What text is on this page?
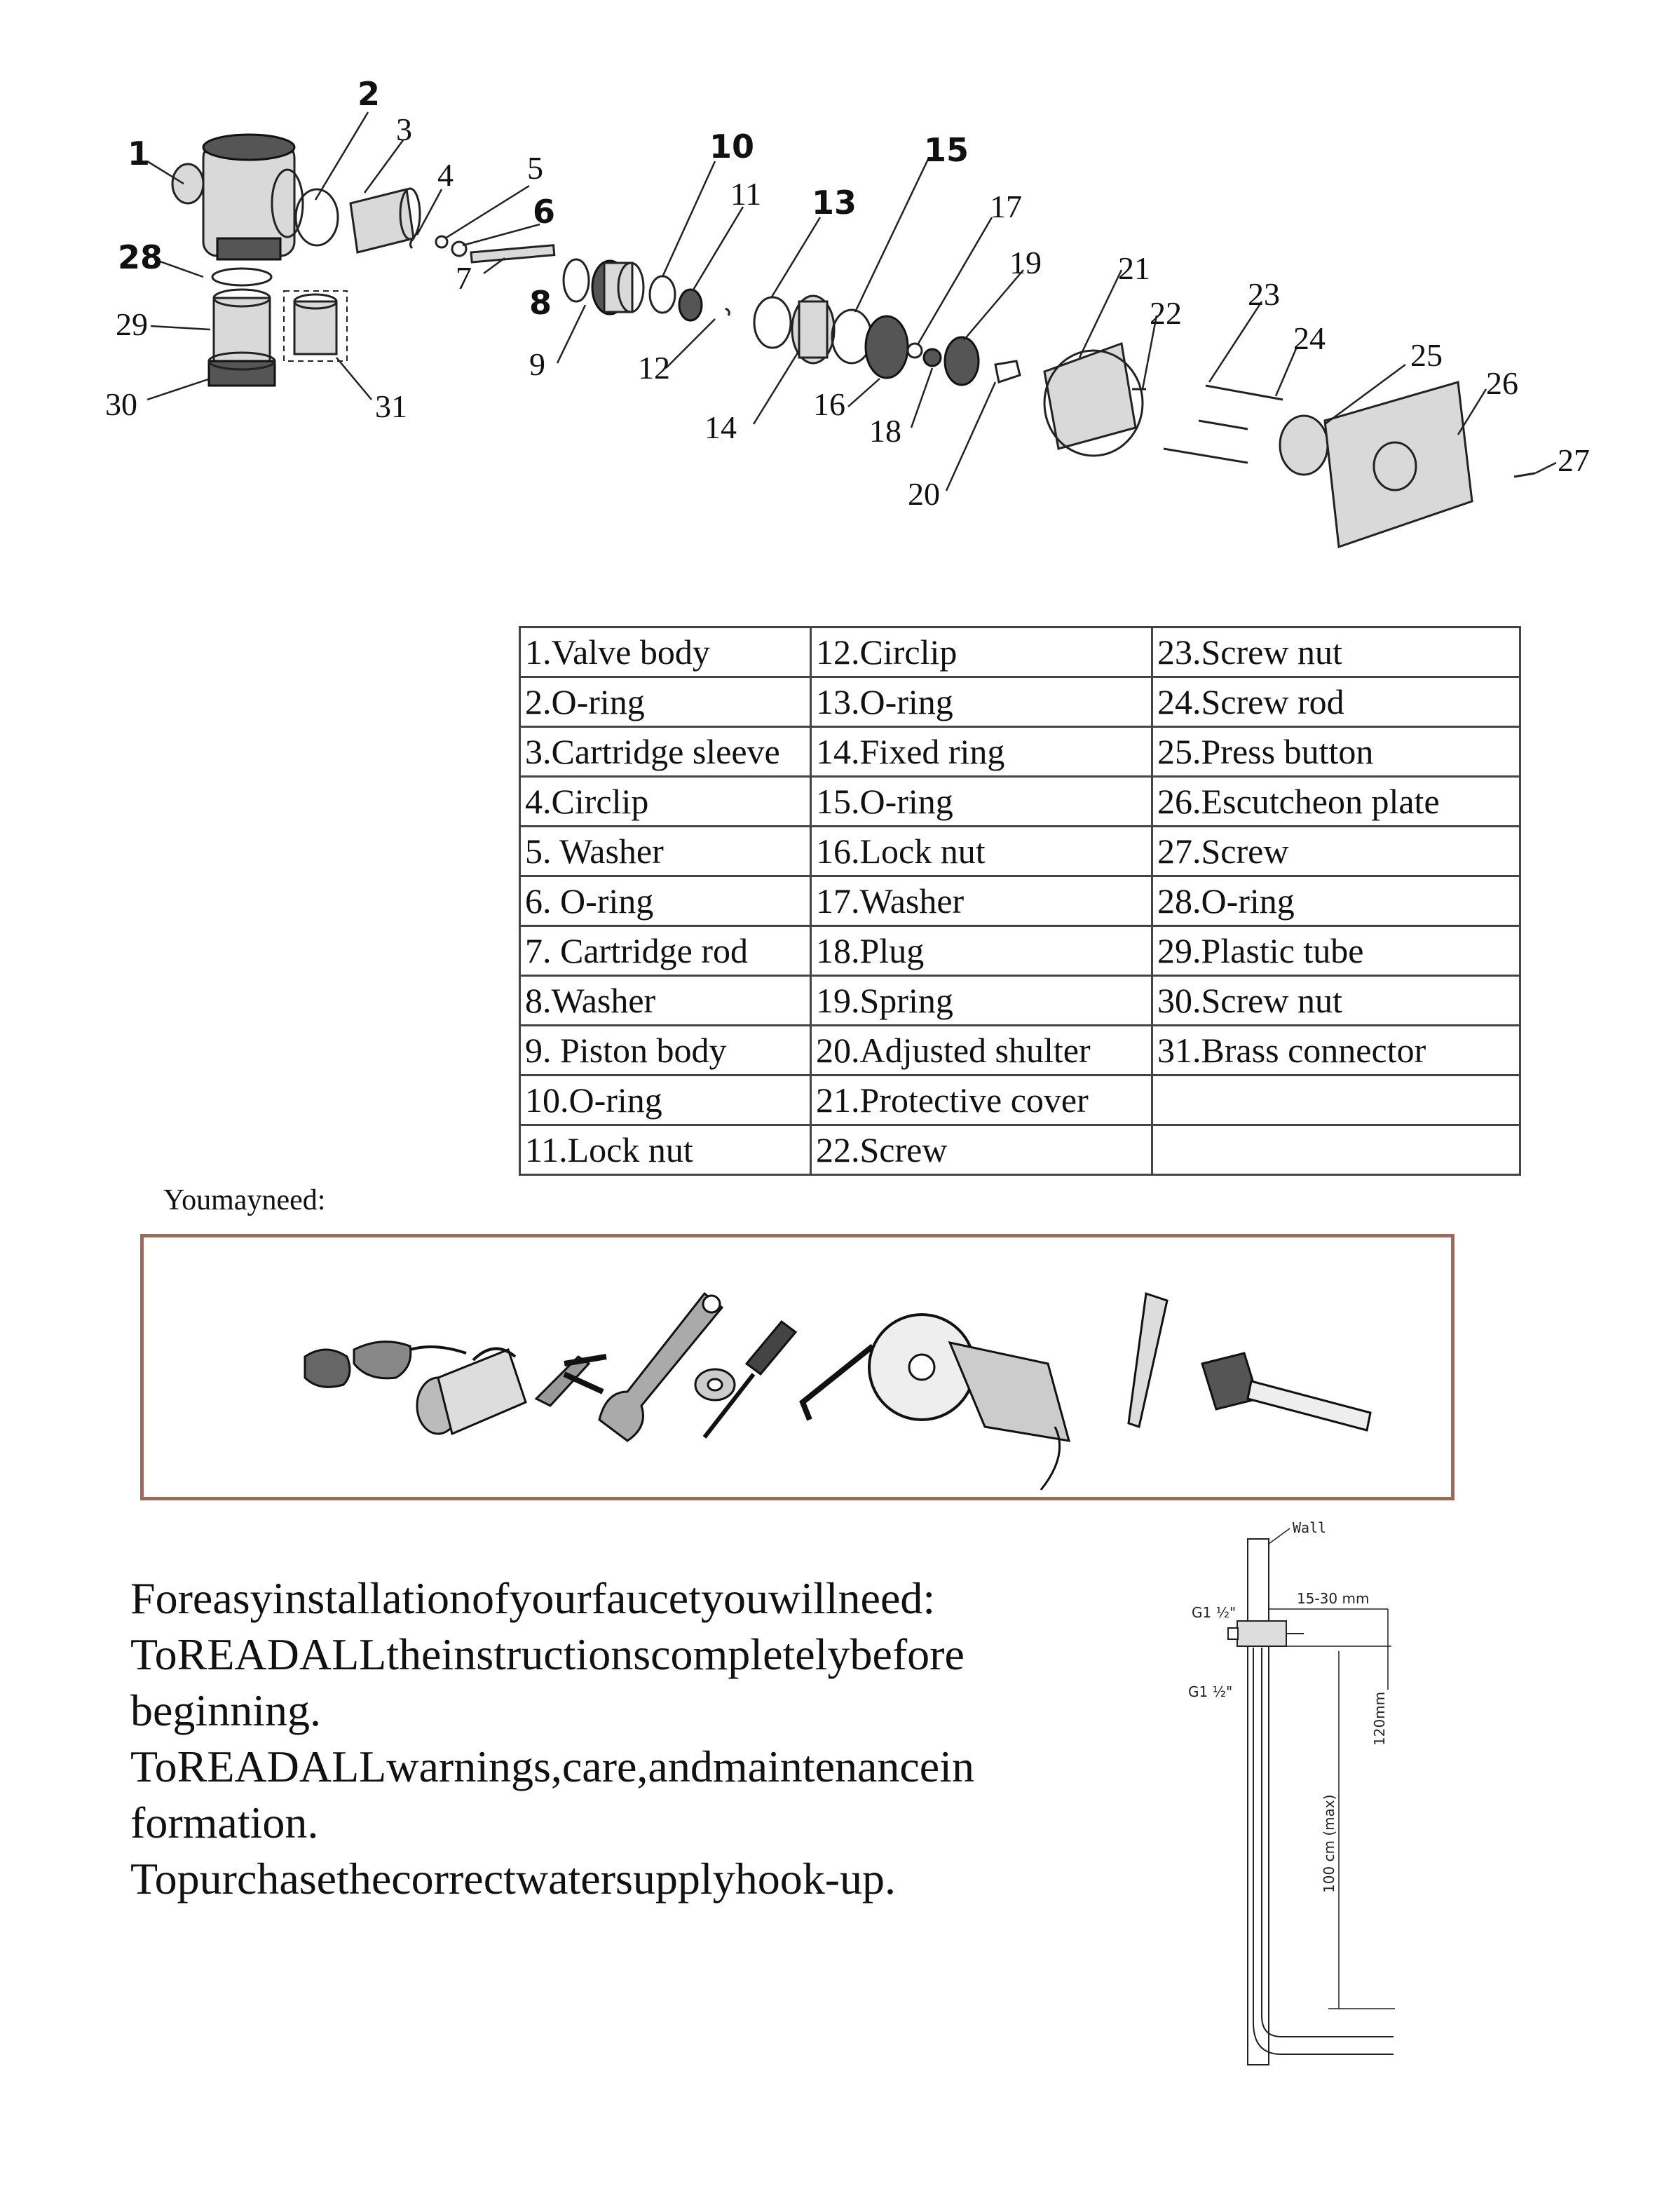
1
2
3
4 5
6
7
8
9
10
11
12
13
14
15
16
17
18
19
20
21
22
23
24	25
26
27
28
29
30	31
1.Valve body	12.Circlip	23.Screw nut
2.O-ring	13.O-ring	24.Screw rod
3.Cartridge sleeve	14.Fixed ring	25.Press button
4.Circlip	15.O-ring	26.Escutcheon plate
5. Washer	16.Lock nut	27.Screw
6. O-ring	17.Washer	28.O-ring
7. Cartridge rod	18.Plug	29.Plastic tube
8.Washer	19.Spring	30.Screw nut
9. Piston body	20.Adjusted shulter	31.Brass connector
10.O-ring	21.Protective cover	
11.Lock nut	22.Screw	
Youmayneed:

Foreasyinstallationofyourfaucetyouwillneed:

ToREADALLtheinstructionscompletelybeforebeginning.

ToREADALLwarnings,care,andmaintenanceinformation.

Topurchasethecorrectwatersupplyhook-up.

Wall
15-30 mm
G1 ½"
G1 ½"	120mm
100 cm (max)
